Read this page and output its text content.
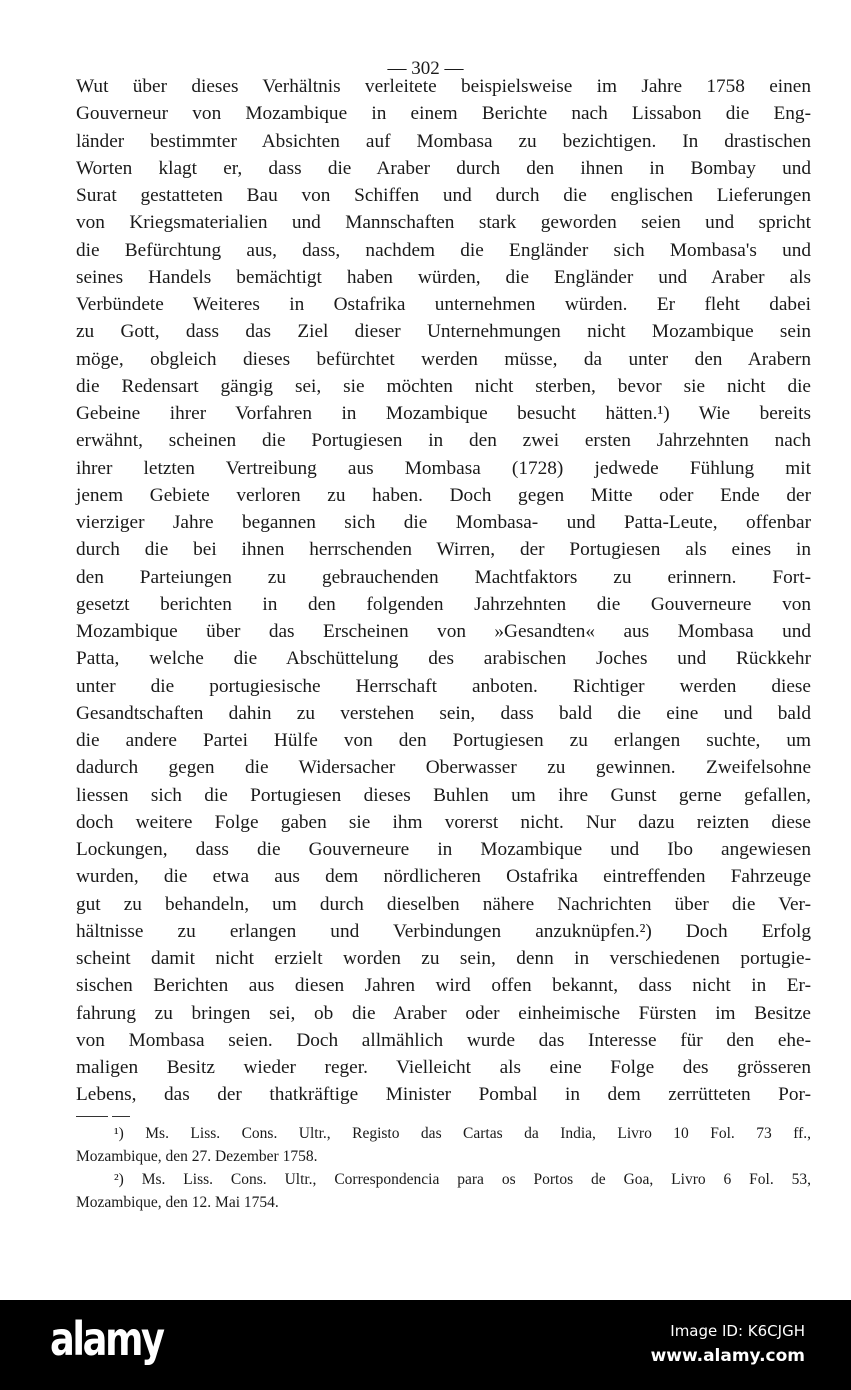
— 302 —
Wut über dieses Verhältnis verleitete beispielsweise im Jahre 1758 einen
Gouverneur von Mozambique in einem Berichte nach Lissabon die Eng-
länder bestimmter Absichten auf Mombasa zu bezichtigen. In drastischen
Worten klagt er, dass die Araber durch den ihnen in Bombay und
Surat gestatteten Bau von Schiffen und durch die englischen Lieferungen
von Kriegsmaterialien und Mannschaften stark geworden seien und spricht
die Befürchtung aus, dass, nachdem die Engländer sich Mombasa's und
seines Handels bemächtigt haben würden, die Engländer und Araber als
Verbündete Weiteres in Ostafrika unternehmen würden. Er fleht dabei
zu Gott, dass das Ziel dieser Unternehmungen nicht Mozambique sein
möge, obgleich dieses befürchtet werden müsse, da unter den Arabern
die Redensart gängig sei, sie möchten nicht sterben, bevor sie nicht die
Gebeine ihrer Vorfahren in Mozambique besucht hätten.¹) Wie bereits
erwähnt, scheinen die Portugiesen in den zwei ersten Jahrzehnten nach
ihrer letzten Vertreibung aus Mombasa (1728) jedwede Fühlung mit
jenem Gebiete verloren zu haben. Doch gegen Mitte oder Ende der
vierziger Jahre begannen sich die Mombasa- und Patta-Leute, offenbar
durch die bei ihnen herrschenden Wirren, der Portugiesen als eines in
den Parteiungen zu gebrauchenden Machtfaktors zu erinnern. Fort-
gesetzt berichten in den folgenden Jahrzehnten die Gouverneure von
Mozambique über das Erscheinen von »Gesandten« aus Mombasa und
Patta, welche die Abschüttelung des arabischen Joches und Rückkehr
unter die portugiesische Herrschaft anboten. Richtiger werden diese
Gesandtschaften dahin zu verstehen sein, dass bald die eine und bald
die andere Partei Hülfe von den Portugiesen zu erlangen suchte, um
dadurch gegen die Widersacher Oberwasser zu gewinnen. Zweifelsohne
liessen sich die Portugiesen dieses Buhlen um ihre Gunst gerne gefallen,
doch weitere Folge gaben sie ihm vorerst nicht. Nur dazu reizten diese
Lockungen, dass die Gouverneure in Mozambique und Ibo angewiesen
wurden, die etwa aus dem nördlicheren Ostafrika eintreffenden Fahrzeuge
gut zu behandeln, um durch dieselben nähere Nachrichten über die Ver-
hältnisse zu erlangen und Verbindungen anzuknüpfen.²) Doch Erfolg
scheint damit nicht erzielt worden zu sein, denn in verschiedenen portugie-
sischen Berichten aus diesen Jahren wird offen bekannt, dass nicht in Er-
fahrung zu bringen sei, ob die Araber oder einheimische Fürsten im Besitze
von Mombasa seien. Doch allmählich wurde das Interesse für den ehe-
maligen Besitz wieder reger. Vielleicht als eine Folge des grösseren
Lebens, das der thatkräftige Minister Pombal in dem zerrütteten Por-
¹) Ms. Liss. Cons. Ultr., Registo das Cartas da India, Livro 10 Fol. 73 ff.,
Mozambique, den 27. Dezember 1758.
²) Ms. Liss. Cons. Ultr., Correspondencia para os Portos de Goa, Livro 6 Fol. 53,
Mozambique, den 12. Mai 1754.
alamy	Image ID: K6CJGH
www.alamy.com
